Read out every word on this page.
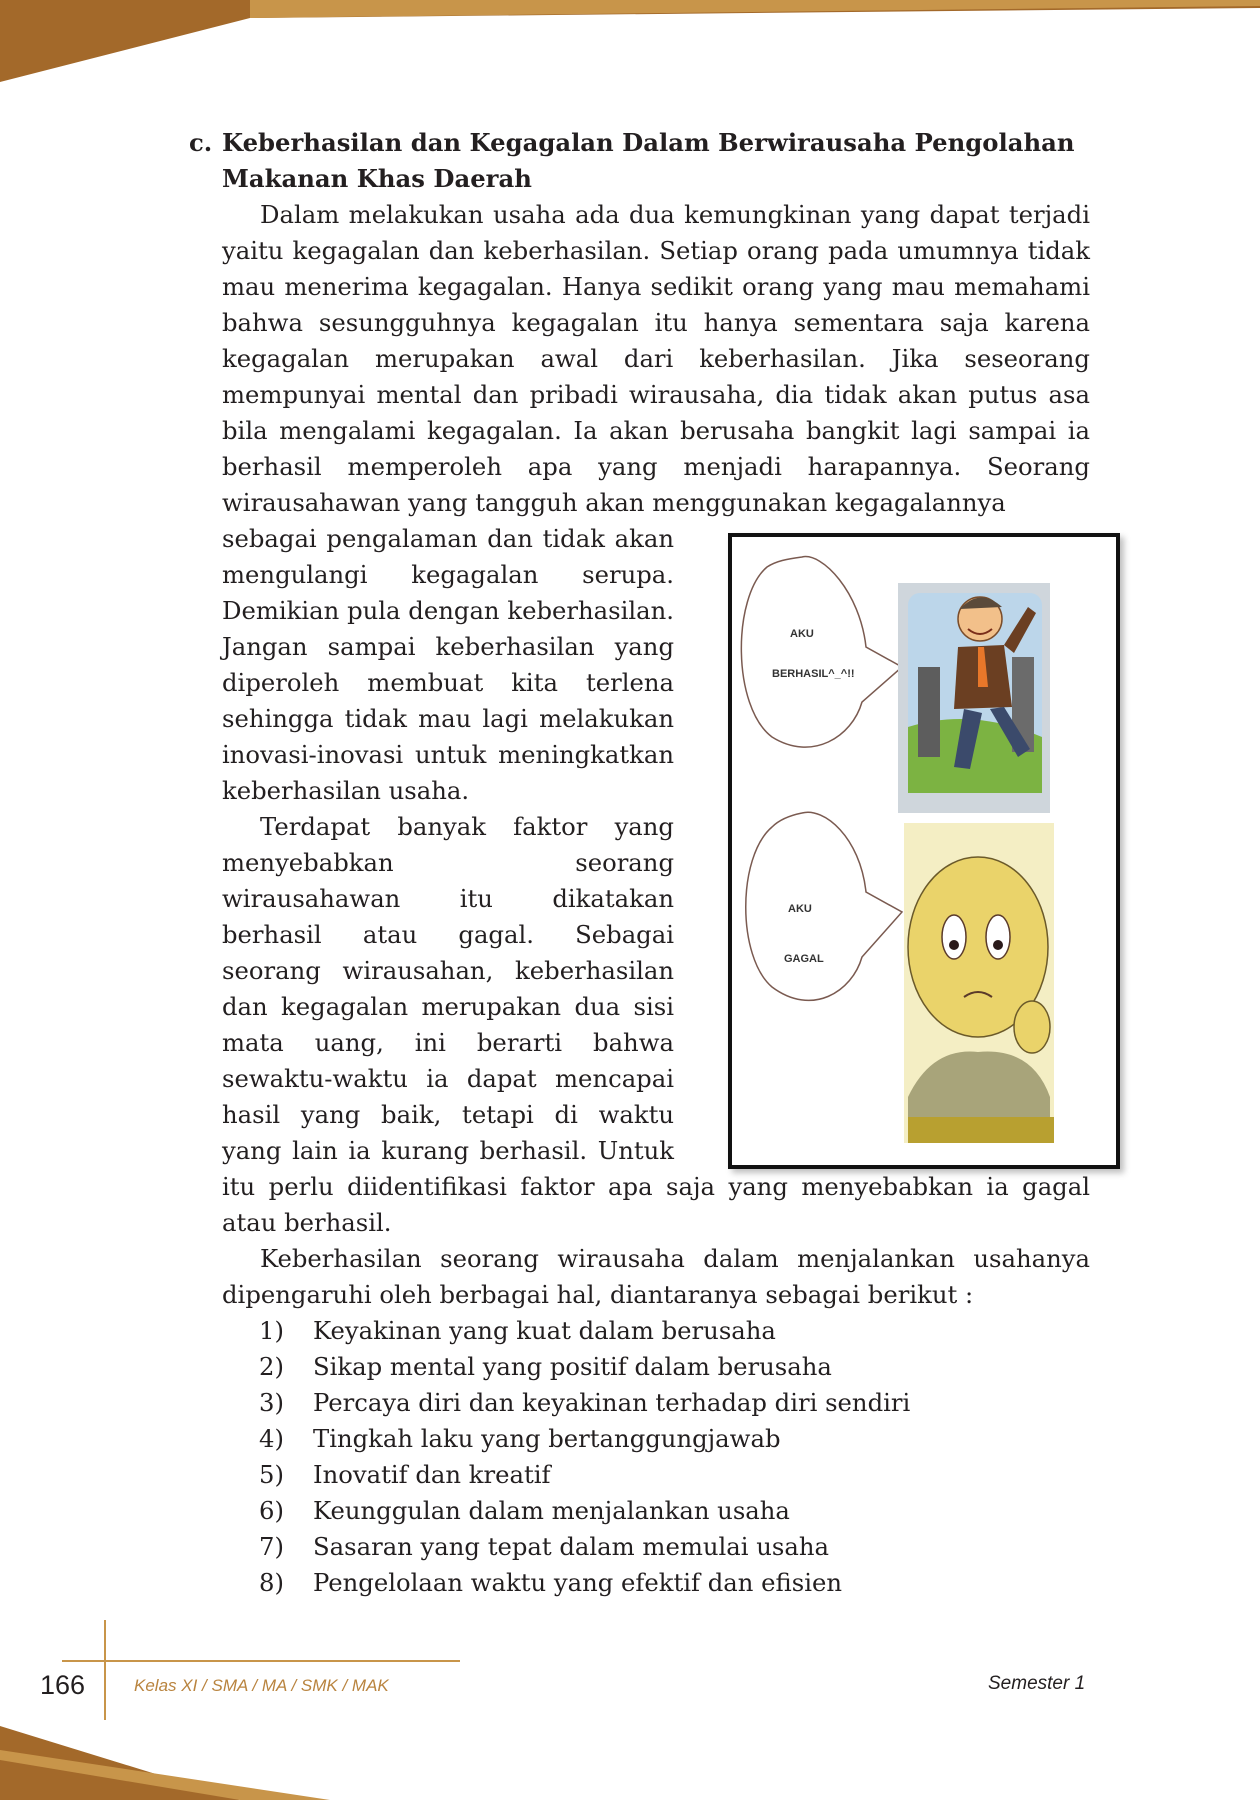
c. Keberhasilan dan Kegagalan Dalam Berwirausaha Pengolahan Makanan Khas Daerah

Dalam melakukan usaha ada dua kemungkinan yang dapat terjadi yaitu kegagalan dan keberhasilan. Setiap orang pada umumnya tidak mau menerima kegagalan. Hanya sedikit orang yang mau memahami bahwa sesungguhnya kegagalan itu hanya sementara saja karena kegagalan merupakan awal dari keberhasilan. Jika seseorang mempunyai mental dan pribadi wirausaha, dia tidak akan putus asa bila mengalami kegagalan. Ia akan berusaha bangkit lagi sampai ia berhasil memperoleh apa yang menjadi harapannya. Seorang wirausahawan yang tangguh akan menggunakan kegagalannya

AKU
BERHASIL^_^!!
AKU
GAGAL

sebagai pengalaman dan tidak akan mengulangi kegagalan serupa. Demikian pula dengan keberhasilan. Jangan sampai keberhasilan yang diperoleh membuat kita terlena sehingga tidak mau lagi melakukan inovasi-inovasi untuk meningkatkan keberhasilan usaha.

Terdapat banyak faktor yang menyebabkan seorang wirausahawan itu dikatakan berhasil atau gagal. Sebagai seorang wirausahan, keberhasilan dan kegagalan merupakan dua sisi mata uang, ini berarti bahwa sewaktu-waktu ia dapat mencapai hasil yang baik, tetapi di waktu yang lain ia kurang berhasil. Untuk itu perlu diidentifikasi faktor apa saja yang menyebabkan ia gagal atau berhasil.

Keberhasilan seorang wirausaha dalam menjalankan usahanya dipengaruhi oleh berbagai hal, diantaranya sebagai berikut :

1) Keyakinan yang kuat dalam berusaha
2) Sikap mental yang positif dalam berusaha
3) Percaya diri dan keyakinan terhadap diri sendiri
4) Tingkah laku yang bertanggungjawab
5) Inovatif dan kreatif
6) Keunggulan dalam menjalankan usaha
7) Sasaran yang tepat dalam memulai usaha
8) Pengelolaan waktu yang efektif dan efisien
166	Kelas XI / SMA / MA / SMK / MAK	Semester 1
